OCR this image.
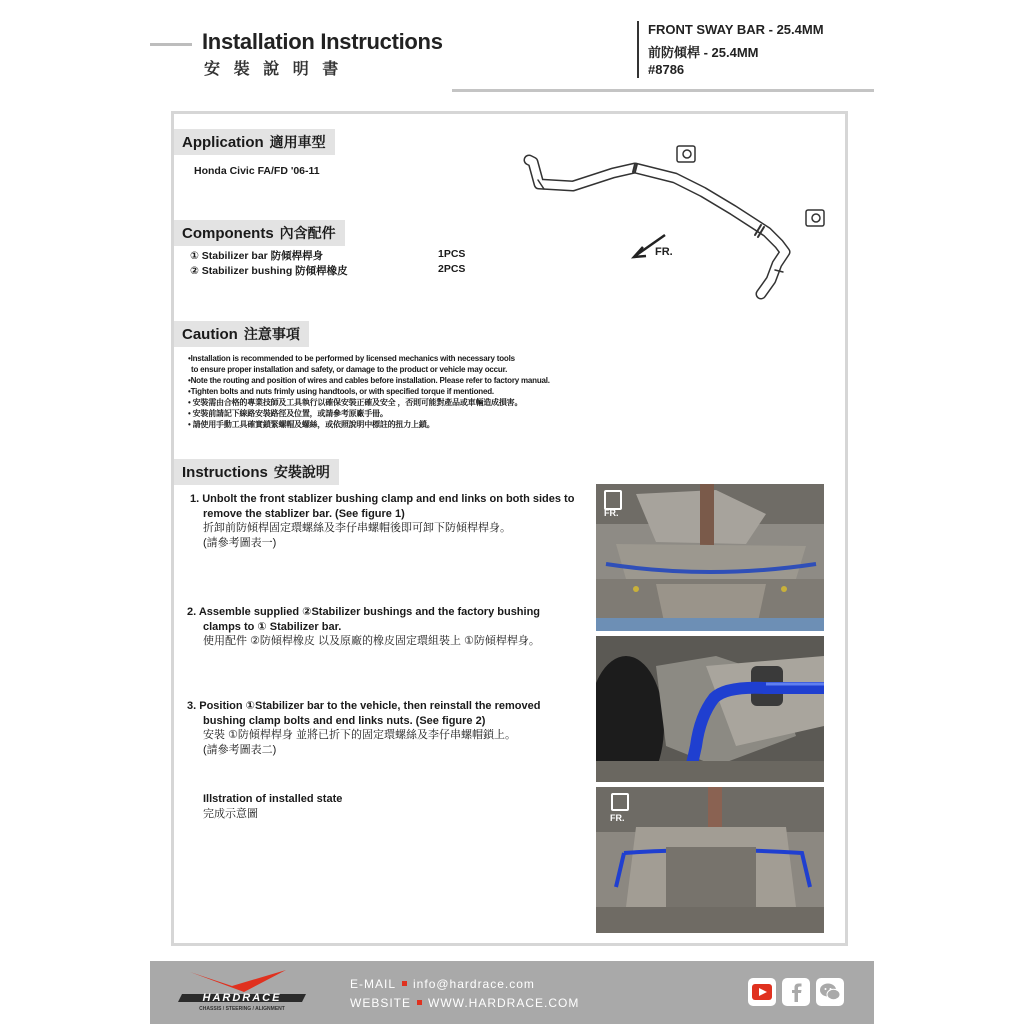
Installation Instructions
安 裝 說 明 書
FRONT SWAY BAR - 25.4MM
前防傾桿 - 25.4MM
#8786
Application 適用車型
Honda Civic FA/FD '06-11
Components 內含配件
① Stabilizer bar 防傾桿桿身	1PCS
② Stabilizer bushing 防傾桿橡皮	2PCS
FR.
Caution 注意事項
•Installation is recommended to be performed by licensed mechanics with necessary tools
to ensure proper installation and safety, or damage to the product or vehicle may occur.
•Note the routing and position of wires and cables before installation. Please refer to factory manual.
•Tighten bolts and nuts frimly using handtools, or with specified torque if mentioned.
• 安裝需由合格的專業技師及工具執行以確保安裝正確及安全 ，否則可能對產品或車輛造成損害。
• 安裝前請記下線路安裝路徑及位置，或請參考原廠手冊。
• 請使用手動工具確實鎖緊螺帽及螺絲，或依照說明中標註的扭力上鎖。
Instructions 安裝說明
1. Unbolt the front stablizer bushing clamp and end links on both sides to
remove the stablizer bar. (See figure 1)
折卸前防傾桿固定環螺絲及李仔串螺帽後即可卸下防傾桿桿身。
(請參考圖表一)
2. Assemble supplied ②Stabilizer bushings and the factory bushing
clamps to ① Stabilizer bar.
使用配件 ②防傾桿橡皮 以及原廠的橡皮固定環組裝上 ①防傾桿桿身。
3. Position ①Stabilizer bar to the vehicle, then reinstall the removed
bushing clamp bolts and end links nuts. (See figure 2)
安裝 ①防傾桿桿身 並將已折下的固定環螺絲及李仔串螺帽鎖上。
(請參考圖表二)
Illstration of installed state
完成示意圖
FR.
FR.
HARDRACE
CHASSIS / STEERING / ALIGNMENT
E-MAIL info@hardrace.com
WEBSITE WWW.HARDRACE.COM
